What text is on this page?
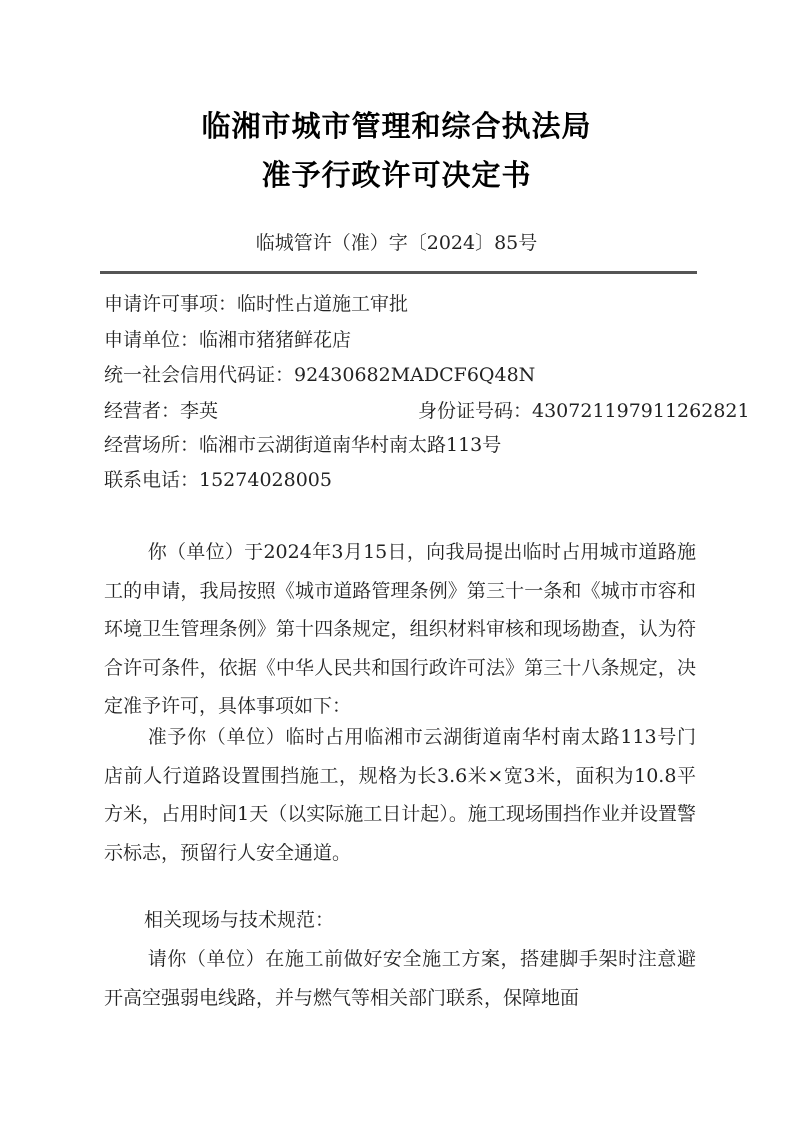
临湘市城市管理和综合执法局
准予行政许可决定书
临城管许（准）字〔2024〕85号
申请许可事项：临时性占道施工审批
申请单位：临湘市猪猪鲜花店
统一社会信用代码证：92430682MADCF6Q48N
经营者：李英	身份证号码：430721197911262821
经营场所：临湘市云湖街道南华村南太路113号
联系电话：15274028005

你（单位）于2024年3月15日，向我局提出临时占用城市道路施工的申请，我局按照《城市道路管理条例》第三十一条和《城市市容和环境卫生管理条例》第十四条规定，组织材料审核和现场勘查，认为符合许可条件，依据《中华人民共和国行政许可法》第三十八条规定，决定准予许可，具体事项如下：

准予你（单位）临时占用临湘市云湖街道南华村南太路113号门店前人行道路设置围挡施工，规格为长3.6米×宽3米，面积为10.8平方米，占用时间1天（以实际施工日计起）。施工现场围挡作业并设置警示标志，预留行人安全通道。

相关现场与技术规范：

请你（单位）在施工前做好安全施工方案，搭建脚手架时注意避开高空强弱电线路，并与燃气等相关部门联系，保障地面
